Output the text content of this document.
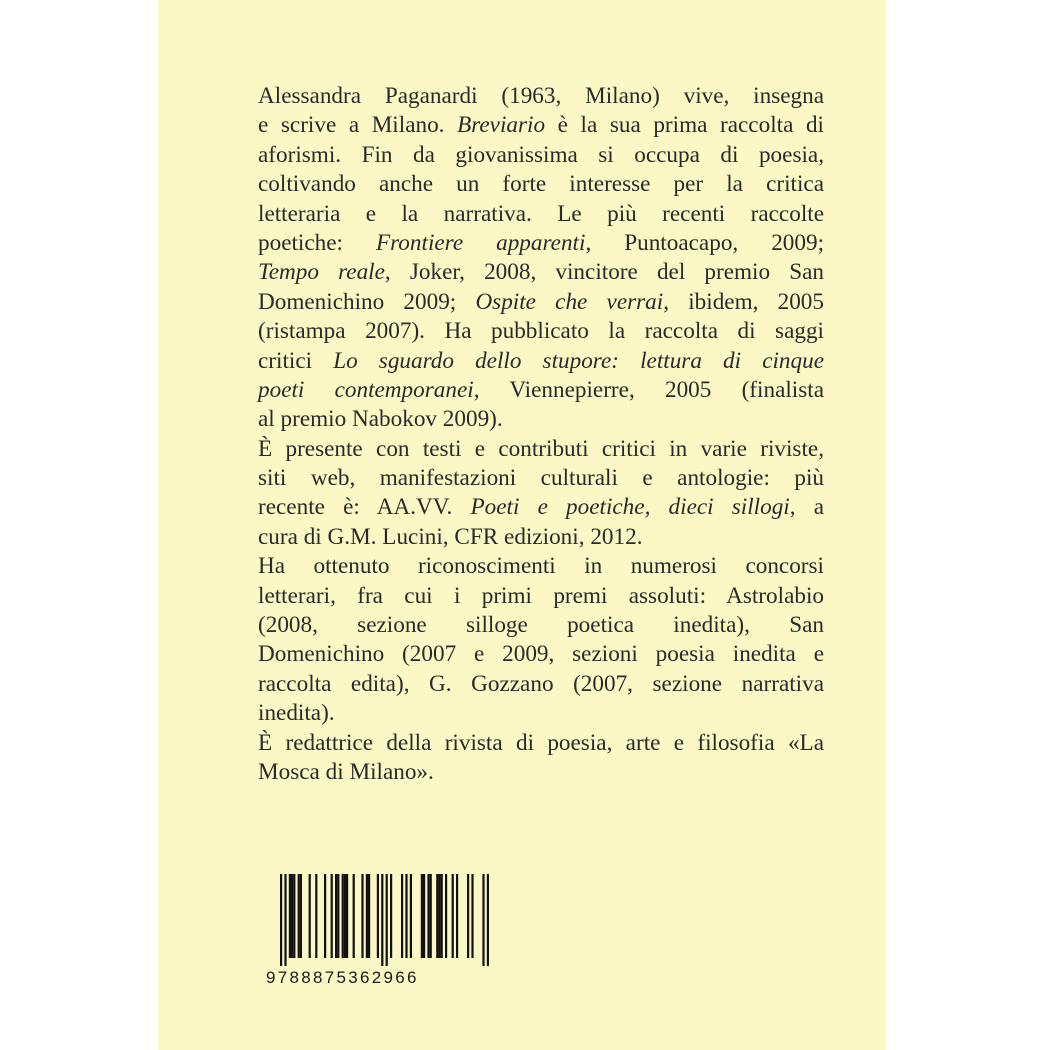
Alessandra Paganardi (1963, Milano) vive, insegna
e scrive a Milano. Breviario è la sua prima raccolta di
aforismi. Fin da giovanissima si occupa di poesia,
coltivando anche un forte interesse per la critica
letteraria e la narrativa. Le più recenti raccolte
poetiche: Frontiere apparenti, Puntoacapo, 2009;
Tempo reale, Joker, 2008, vincitore del premio San
Domenichino 2009; Ospite che verrai, ibidem, 2005
(ristampa 2007). Ha pubblicato la raccolta di saggi
critici Lo sguardo dello stupore: lettura di cinque
poeti contemporanei, Viennepierre, 2005 (finalista
al premio Nabokov 2009).
È presente con testi e contributi critici in varie riviste,
siti web, manifestazioni culturali e antologie: più
recente è: AA.VV. Poeti e poetiche, dieci sillogi, a
cura di G.M. Lucini, CFR edizioni, 2012.
Ha ottenuto riconoscimenti in numerosi concorsi
letterari, fra cui i primi premi assoluti: Astrolabio
(2008, sezione silloge poetica inedita), San
Domenichino (2007 e 2009, sezioni poesia inedita e
raccolta edita), G. Gozzano (2007, sezione narrativa
inedita).
È redattrice della rivista di poesia, arte e filosofia «La
Mosca di Milano».
9788875362966
